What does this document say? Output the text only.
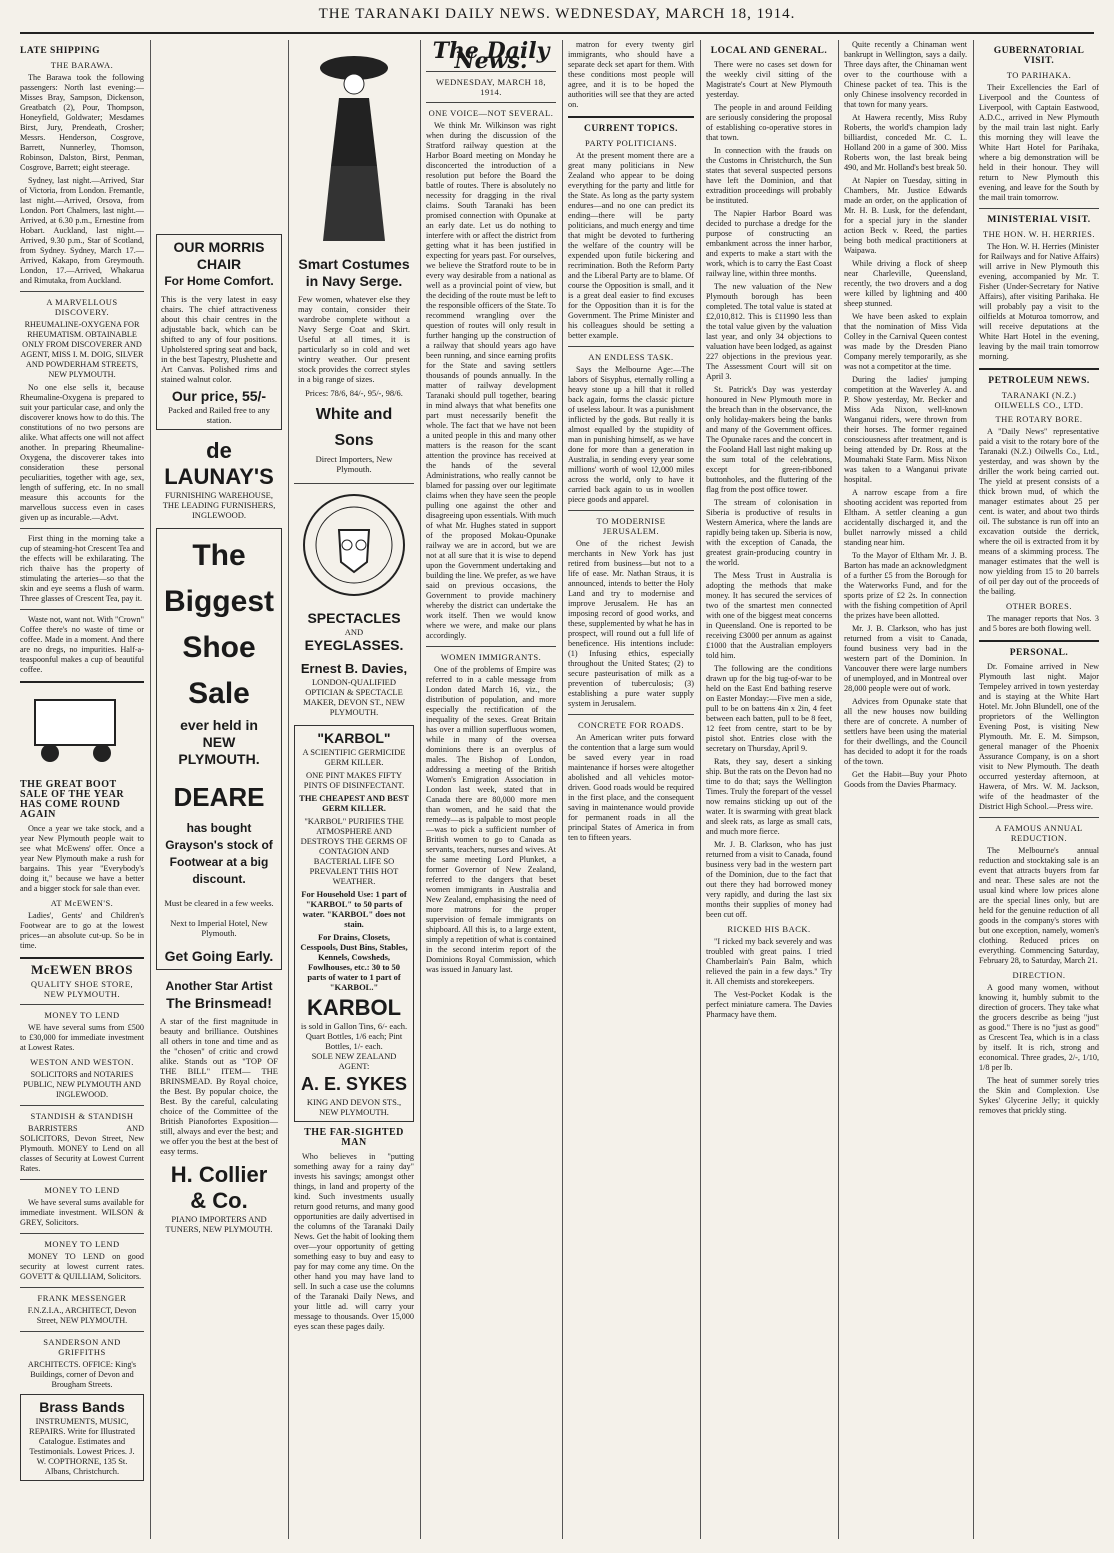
THE TARANAKI DAILY NEWS. WEDNESDAY, MARCH 18, 1914.
LATE SHIPPING
THE BARAWA.

The Barawa took the following passengers: North last evening:—Misses Bray, Sampson, Dickenson, Greatbatch (2), Pour, Thompson, Honeyfield, Goldwater; Mesdames Birst, Jury, Prendeath, Crosher; Messrs. Henderson, Cosgrove, Barrett, Nunnerley, Thomson, Robinson, Dalston, Birst, Penman, Cosgrove, Barrett; eight steerage.

Sydney, last night.—Arrived, Star of Victoria, from London. Fremantle, last night.—Arrived, Orsova, from London. Port Chalmers, last night.—Arrived, at 6.30 p.m., Ernestine from Hobart. Auckland, last night.—Arrived, 9.30 p.m., Star of Scotland, from Sydney. Sydney, March 17.—Arrived, Kakapo, from Greymouth. London, 17.—Arrived, Whakarua and Rimutaka, from Auckland.

A MARVELLOUS DISCOVERY.

RHEUMALINE-OXYGENA FOR RHEUMATISM. OBTAINABLE ONLY FROM DISCOVERER AND AGENT, MISS I. M. DOIG, SILVER AND POWDERHAM STREETS, NEW PLYMOUTH.

No one else sells it, because Rheumaline-Oxygena is prepared to suit your particular case, and only the discoverer knows how to do this. The constitutions of no two persons are alike. What affects one will not affect another. In preparing Rheumaline-Oxygena, the discoverer takes into consideration these personal peculiarities, together with age, sex, length of suffering, etc. In no small measure this accounts for the marvellous success even in cases given up as incurable.—Advt.

First thing in the morning take a cup of steaming-hot Crescent Tea and the effects will be exhilarating. The rich thaive has the property of stimulating the arteries—so that the skin and eye seems a flush of warm. Three glasses of Crescent Tea, pay it.

Waste not, want not. With "Crown" Coffee there's no waste of time or coffee. Made in a moment. And there are no dregs, no impurities. Half-a-teaspoonful makes a cup of beautiful coffee.

THE GREAT BOOT SALE OF THE YEAR HAS COME ROUND AGAIN

Once a year we take stock, and a year New Plymouth people wait to see what McEwens' offer. Once a year New Plymouth make a rush for bargains. This year "Everybody's doing it," because we have a better and a bigger stock for sale than ever.

AT McEWEN'S.

Ladies', Gents' and Children's Footwear are to go at the lowest prices—an absolute cut-up. So be in time.

McEWEN BROS
QUALITY SHOE STORE, NEW PLYMOUTH.
MONEY TO LEND

WE have several sums from £500 to £30,000 for immediate investment at Lowest Rates.

WESTON AND WESTON.

SOLICITORS and NOTARIES PUBLIC, NEW PLYMOUTH AND INGLEWOOD.

STANDISH & STANDISH

BARRISTERS AND SOLICITORS, Devon Street, New Plymouth. MONEY to Lend on all classes of Security at Lowest Current Rates.

MONEY TO LEND

We have several sums available for immediate investment. WILSON & GREY, Solicitors.

MONEY TO LEND

MONEY TO LEND on good security at lowest current rates. GOVETT & QUILLIAM, Solicitors.

FRANK MESSENGER

F.N.Z.I.A., ARCHITECT, Devon Street, NEW PLYMOUTH.

SANDERSON AND GRIFFITHS

ARCHITECTS. OFFICE: King's Buildings, corner of Devon and Brougham Streets.

Brass Bands
INSTRUMENTS, MUSIC, REPAIRS. Write for Illustrated Catalogue. Estimates and Testimonials. Lowest Prices. J. W. COPTHORNE, 135 St. Albans, Christchurch.
OUR MORRIS CHAIR
For Home Comfort.
This is the very latest in easy chairs. The chief attractiveness about this chair centres in the adjustable back, which can be shifted to any of four positions. Upholstered spring seat and back, in the best Tapestry, Plushette and Art Canvas. Polished rims and stained walnut color.
Our price, 55/-
Packed and Railed free to any station.
de LAUNAY'S
FURNISHING WAREHOUSE, THE LEADING FURNISHERS, INGLEWOOD.
The
Biggest
Shoe
Sale
ever held in
NEW PLYMOUTH.
DEARE
has bought Grayson's stock of Footwear at a big
discount.
Must be cleared in a few weeks.
Next to Imperial Hotel, New Plymouth.
Get Going Early.
Another Star Artist
The Brinsmead!
A star of the first magnitude in beauty and brilliance. Outshines all others in tone and time and as the "chosen" of critic and crowd alike. Stands out as "TOP OF THE BILL" ITEM— THE BRINSMEAD. By Royal choice, the Best. By popular choice, the Best. By the careful, calculating choice of the Committee of the British Pianofortes Exposition—still, always and ever the best; and we offer you the best at the best of easy terms.
H. Collier & Co.
PIANO IMPORTERS AND TUNERS, NEW PLYMOUTH.
Smart Costumes
in Navy Serge.
Few women, whatever else they may contain, consider their wardrobe complete without a Navy Serge Coat and Skirt. Useful at all times, it is particularly so in cold and wet wintry weather. Our present stock provides the correct styles in a big range of sizes.
Prices: 78/6, 84/-, 95/-, 98/6.
White and Sons
Direct Importers, New Plymouth.
SPECTACLES
AND
EYEGLASSES.
Ernest B. Davies,
LONDON-QUALIFIED OPTICIAN & SPECTACLE MAKER, DEVON ST., NEW PLYMOUTH.
"KARBOL"
A SCIENTIFIC GERMICIDE GERM KILLER.
ONE PINT MAKES FIFTY PINTS OF DISINFECTANT.
THE CHEAPEST AND BEST GERM KILLER.
"KARBOL" PURIFIES THE ATMOSPHERE AND DESTROYS THE GERMS OF CONTAGION AND BACTERIAL LIFE SO PREVALENT THIS HOT WEATHER.
For Household Use: 1 part of "KARBOL" to 50 parts of water. "KARBOL" does not stain.
For Drains, Closets, Cesspools, Dust Bins, Stables, Kennels, Cowsheds, Fowlhouses, etc.: 30 to 50 parts of water to 1 part of "KARBOL."
KARBOL
is sold in Gallon Tins, 6/- each. Quart Bottles, 1/6 each; Pint Bottles, 1/- each.
SOLE NEW ZEALAND AGENT:
A. E. SYKES
KING AND DEVON STS., NEW PLYMOUTH.
THE FAR-SIGHTED MAN

Who believes in "putting something away for a rainy day" invests his savings; amongst other things, in land and property of the kind. Such investments usually return good returns, and many good opportunities are daily advertised in the columns of the Taranaki Daily News. Get the habit of looking them over—your opportunity of getting something easy to buy and easy to pay for may come any time. On the other hand you may have land to sell. In such a case use the columns of the Taranaki Daily News, and your little ad. will carry your message to thousands. Over 15,000 eyes scan these pages daily.

The Daily News.
WEDNESDAY, MARCH 18, 1914.
ONE VOICE—NOT SEVERAL.

We think Mr. Wilkinson was right when during the discussion of the Stratford railway question at the Harbor Board meeting on Monday he disconcerted the introduction of a resolution put before the Board the battle of routes. There is absolutely no necessity for dragging in the rival claims. South Taranaki has been promised connection with Opunake at an early date. Let us do nothing to interfere with or affect the district from getting what it has been justified in expecting for years past. For ourselves, we believe the Stratford route to be in every way desirable from a national as well as a provincial point of view, but the deciding of the route must be left to the responsible officers of the State. To recommend wrangling over the question of routes will only result in further hanging up the construction of a railway that should years ago have been running, and since earning profits for the State and saving settlers thousands of pounds annually. In the matter of railway development Taranaki should pull together, bearing in mind always that what benefits one part must necessarily benefit the whole. The fact that we have not been a united people in this and many other matters is the reason for the scant attention the province has received at the hands of the several Administrations, who really cannot be blamed for passing over our legitimate claims when they have seen the people pulling one against the other and disagreeing upon essentials. With much of what Mr. Hughes stated in support of the proposed Mokau-Opunake railway we are in accord, but we are not at all sure that it is wise to depend upon the Government undertaking and building the line. We prefer, as we have said on previous occasions, the Government to provide machinery whereby the district can undertake the work itself. Then we would know where we were, and make our plans accordingly.

WOMEN IMMIGRANTS.

One of the problems of Empire was referred to in a cable message from London dated March 16, viz., the distribution of population, and more especially the rectification of the inequality of the sexes. Great Britain has over a million superfluous women, while in many of the oversea dominions there is an overplus of males. The Bishop of London, addressing a meeting of the British Women's Emigration Association in London last week, stated that in Canada there are 80,000 more men than women, and he said that the remedy—as is palpable to most people—was to pick a sufficient number of British women to go to Canada as servants, teachers, nurses and wives. At the same meeting Lord Plunket, a former Governor of New Zealand, referred to the dangers that beset women immigrants in Australia and New Zealand, emphasising the need of more matrons for the proper supervision of female immigrants on shipboard. All this is, to a large extent, simply a repetition of what is contained in the second interim report of the Dominions Royal Commission, which was issued in January last.

matron for every twenty girl immigrants, who should have a separate deck set apart for them. With these conditions most people will agree, and it is to be hoped the authorities will see that they are acted on.

CURRENT TOPICS.
PARTY POLITICIANS.

At the present moment there are a great many politicians in New Zealand who appear to be doing everything for the party and little for the State. As long as the party system endures—and no one can predict its ending—there will be party politicians, and much energy and time that might be devoted to furthering the welfare of the country will be expended upon futile bickering and recrimination. Both the Reform Party and the Liberal Party are to blame. Of course the Opposition is small, and it is a great deal easier to find excuses for the Opposition than it is for the Government. The Prime Minister and his colleagues should be setting a better example.

AN ENDLESS TASK.

Says the Melbourne Age:—The labors of Sisyphus, eternally rolling a heavy stone up a hill that it rolled back again, forms the classic picture of useless labour. It was a punishment inflicted by the gods. But really it is almost equalled by the stupidity of man in punishing himself, as we have done for more than a generation in Australia, in sending every year some millions' worth of wool 12,000 miles across the world, only to have it carried back again to us in woollen piece goods and apparel.

TO MODERNISE JERUSALEM.

One of the richest Jewish merchants in New York has just retired from business—but not to a life of ease. Mr. Nathan Straus, it is announced, intends to better the Holy Land and try to modernise and improve Jerusalem. He has an imposing record of good works, and these, supplemented by what he has in prospect, will round out a full life of beneficence. His intentions include: (1) Infusing ethics, especially throughout the United States; (2) to secure pasteurisation of milk as a prevention of tuberculosis; (3) establishing a pure water supply system in Jerusalem.

CONCRETE FOR ROADS.

An American writer puts forward the contention that a large sum would be saved every year in road maintenance if horses were altogether abolished and all vehicles motor-driven. Good roads would be required in the first place, and the consequent saving in maintenance would provide for permanent roads in all the principal States of America in from ten to fifteen years.

LOCAL AND GENERAL.

There were no cases set down for the weekly civil sitting of the Magistrate's Court at New Plymouth yesterday.

The people in and around Feilding are seriously considering the proposal of establishing co-operative stores in that town.

In connection with the frauds on the Customs in Christchurch, the Sun states that several suspected persons have left the Dominion, and that extradition proceedings will probably be instituted.

The Napier Harbor Board was decided to purchase a dredge for the purpose of constructing an embankment across the inner harbor, and experts to make a start with the work, which is to carry the East Coast railway line, within three months.

The new valuation of the New Plymouth borough has been completed. The total value is stated at £2,010,812. This is £11990 less than the total value given by the valuation last year, and only 34 objections to valuation have been lodged, as against 227 objections in the previous year. The Assessment Court will sit on April 3.

St. Patrick's Day was yesterday honoured in New Plymouth more in the breach than in the observance, the only holiday-makers being the banks and many of the Government offices. The Opunake races and the concert in the Fooland Hall last night making up the sum total of the celebrations, except for green-ribboned buttonholes, and the fluttering of the flag from the post office tower.

The stream of colonisation in Siberia is productive of results in Western America, where the lands are rapidly being taken up. Siberia is now, with the exception of Canada, the greatest grain-producing country in the world.

The Mess Trust in Australia is adopting the methods that make money. It has secured the services of two of the smartest men connected with one of the biggest meat concerns in Queensland. One is reported to be receiving £3000 per annum as against £1000 that the Australian employers told him.

The following are the conditions drawn up for the big tug-of-war to be held on the East End bathing reserve on Easter Monday:—Five men a side, pull to be on battens 4in x 2in, 4 feet between each batten, pull to be 8 feet, 12 feet from centre, start to be by pistol shot. Entries close with the secretary on Thursday, April 9.

Rats, they say, desert a sinking ship. But the rats on the Devon had no time to do that; says the Wellington Times. Truly the forepart of the vessel now remains sticking up out of the water. It is swarming with great black and sleek rats, as large as small cats, and much more fierce.

Mr. J. B. Clarkson, who has just returned from a visit to Canada, found business very bad in the western part of the Dominion, due to the fact that out there they had borrowed money very rapidly, and during the last six months their supplies of money had been cut off.

RICKED HIS BACK.

"I ricked my back severely and was troubled with great pains. I tried Chamberlain's Pain Balm, which relieved the pain in a few days." Try it. All chemists and storekeepers.

The Vest-Pocket Kodak is the perfect miniature camera. The Davies Pharmacy have them.

Quite recently a Chinaman went bankrupt in Wellington, says a daily. Three days after, the Chinaman went over to the courthouse with a Chinese packet of tea. This is the only Chinese insolvency recorded in that town for many years.

At Hawera recently, Miss Ruby Roberts, the world's champion lady billiardist, conceded Mr. C. L. Holland 200 in a game of 300. Miss Roberts won, the last break being 490, and Mr. Holland's best break 50.

At Napier on Tuesday, sitting in Chambers, Mr. Justice Edwards made an order, on the application of Mr. H. B. Lusk, for the defendant, for a special jury in the slander action Beck v. Reed, the parties being both medical practitioners at Waipawa.

While driving a flock of sheep near Charleville, Queensland, recently, the two drovers and a dog were killed by lightning and 400 sheep stunned.

We have been asked to explain that the nomination of Miss Vida Colley in the Carnival Queen contest was made by the Dresden Piano Company merely temporarily, as she was not a competitor at the time.

During the ladies' jumping competition at the Waverley A. and P. Show yesterday, Mr. Becker and Miss Ada Nixon, well-known Wanganui riders, were thrown from their horses. The former regained consciousness after treatment, and is being attended by Dr. Ross at the Moumahaki State Farm. Miss Nixon was taken to a Wanganui private hospital.

A narrow escape from a fire shooting accident was reported from Eltham. A settler cleaning a gun accidentally discharged it, and the bullet narrowly missed a child standing near him.

To the Mayor of Eltham Mr. J. B. Barton has made an acknowledgment of a further £5 from the Borough for the Waterworks Fund, and for the sports prize of £2 2s. In connection with the fishing competition of April the prizes have been allotted.

Mr. J. B. Clarkson, who has just returned from a visit to Canada, found business very bad in the western part of the Dominion. In Vancouver there were large numbers of unemployed, and in Montreal over 28,000 people were out of work.

Advices from Opunake state that all the new houses now building there are of concrete. A number of settlers have been using the material for their dwellings, and the Council has decided to adopt it for the roads of the town.

Get the Habit—Buy your Photo Goods from the Davies Pharmacy.

GUBERNATORIAL VISIT.
TO PARIHAKA.

Their Excellencies the Earl of Liverpool and the Countess of Liverpool, with Captain Eastwood, A.D.C., arrived in New Plymouth by the mail train last night. Early this morning they will leave the White Hart Hotel for Parihaka, where a big demonstration will be held in their honour. They will return to New Plymouth this evening, and leave for the South by the mail train tomorrow.

MINISTERIAL VISIT.
THE HON. W. H. HERRIES.

The Hon. W. H. Herries (Minister for Railways and for Native Affairs) will arrive in New Plymouth this evening, accompanied by Mr. T. Fisher (Under-Secretary for Native Affairs), after visiting Parihaka. He will probably pay a visit to the oilfields at Moturoa tomorrow, and will receive deputations at the White Hart Hotel in the evening, leaving by the mail train tomorrow morning.

PETROLEUM NEWS.
TARANAKI (N.Z.) OILWELLS CO., LTD.
THE ROTARY BORE.

A "Daily News" representative paid a visit to the rotary bore of the Taranaki (N.Z.) Oilwells Co., Ltd., yesterday, and was shown by the driller the work being carried out. The yield at present consists of a thick brown mud, of which the manager estimates about 25 per cent. is water, and about two thirds oil. The substance is run off into an excavation outside the derrick, where the oil is extracted from it by means of a skimming process. The manager estimates that the well is now yielding from 15 to 20 barrels of oil per day out of the proceeds of the bailing.

OTHER BORES.

The manager reports that Nos. 3 and 5 bores are both flowing well.

PERSONAL.

Dr. Fomaine arrived in New Plymouth last night. Major Tempeley arrived in town yesterday and is staying at the White Hart Hotel. Mr. John Blundell, one of the proprietors of the Wellington Evening Post, is visiting New Plymouth. Mr. E. M. Simpson, general manager of the Phoenix Assurance Company, is on a short visit to New Plymouth. The death occurred yesterday afternoon, at Hawera, of Mrs. W. M. Jackson, wife of the headmaster of the District High School.—Press wire.

A FAMOUS ANNUAL REDUCTION.

The Melbourne's annual reduction and stocktaking sale is an event that attracts buyers from far and near. These sales are not the usual kind where low prices alone are the special lines only, but are held for the genuine reduction of all goods in the company's stores with but one exception, namely, women's clothing. Reduced prices on everything. Commencing Saturday, February 28, to Saturday, March 21.

DIRECTION.

A good many women, without knowing it, humbly submit to the direction of grocers. They take what the grocers describe as being "just as good." There is no "just as good" as Crescent Tea, which is in a class by itself. It is rich, strong and economical. Three grades, 2/-, 1/10, 1/8 per lb.

The heat of summer sorely tries the Skin and Complexion. Use Sykes' Glycerine Jelly; it quickly removes that prickly sting.
